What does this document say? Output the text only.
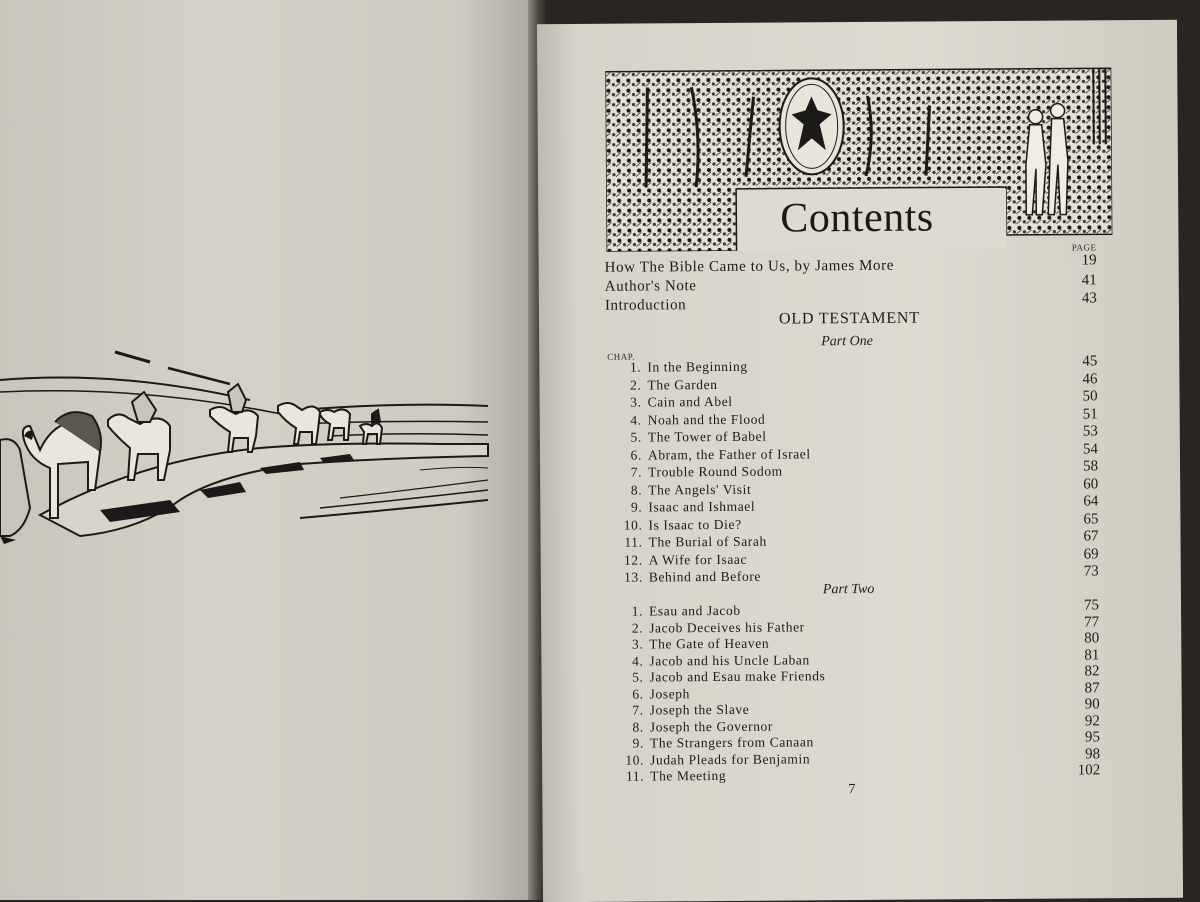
Contents
PAGE
How The Bible Came to Us, by James More	19
Author's Note	41
Introduction	43
OLD TESTAMENT
Part One
CHAP.
1. In the Beginning	45
2. The Garden	46
3. Cain and Abel	50
4. Noah and the Flood	51
5. The Tower of Babel	53
6. Abram, the Father of Israel	54
7. Trouble Round Sodom	58
8. The Angels' Visit	60
9. Isaac and Ishmael	64
10. Is Isaac to Die?	65
11. The Burial of Sarah	67
12. A Wife for Isaac	69
13. Behind and Before	73
Part Two
1. Esau and Jacob	75
2. Jacob Deceives his Father	77
3. The Gate of Heaven	80
4. Jacob and his Uncle Laban	81
5. Jacob and Esau make Friends	82
6. Joseph	87
7. Joseph the Slave	90
8. Joseph the Governor	92
9. The Strangers from Canaan	95
10. Judah Pleads for Benjamin	98
11. The Meeting	102
7
